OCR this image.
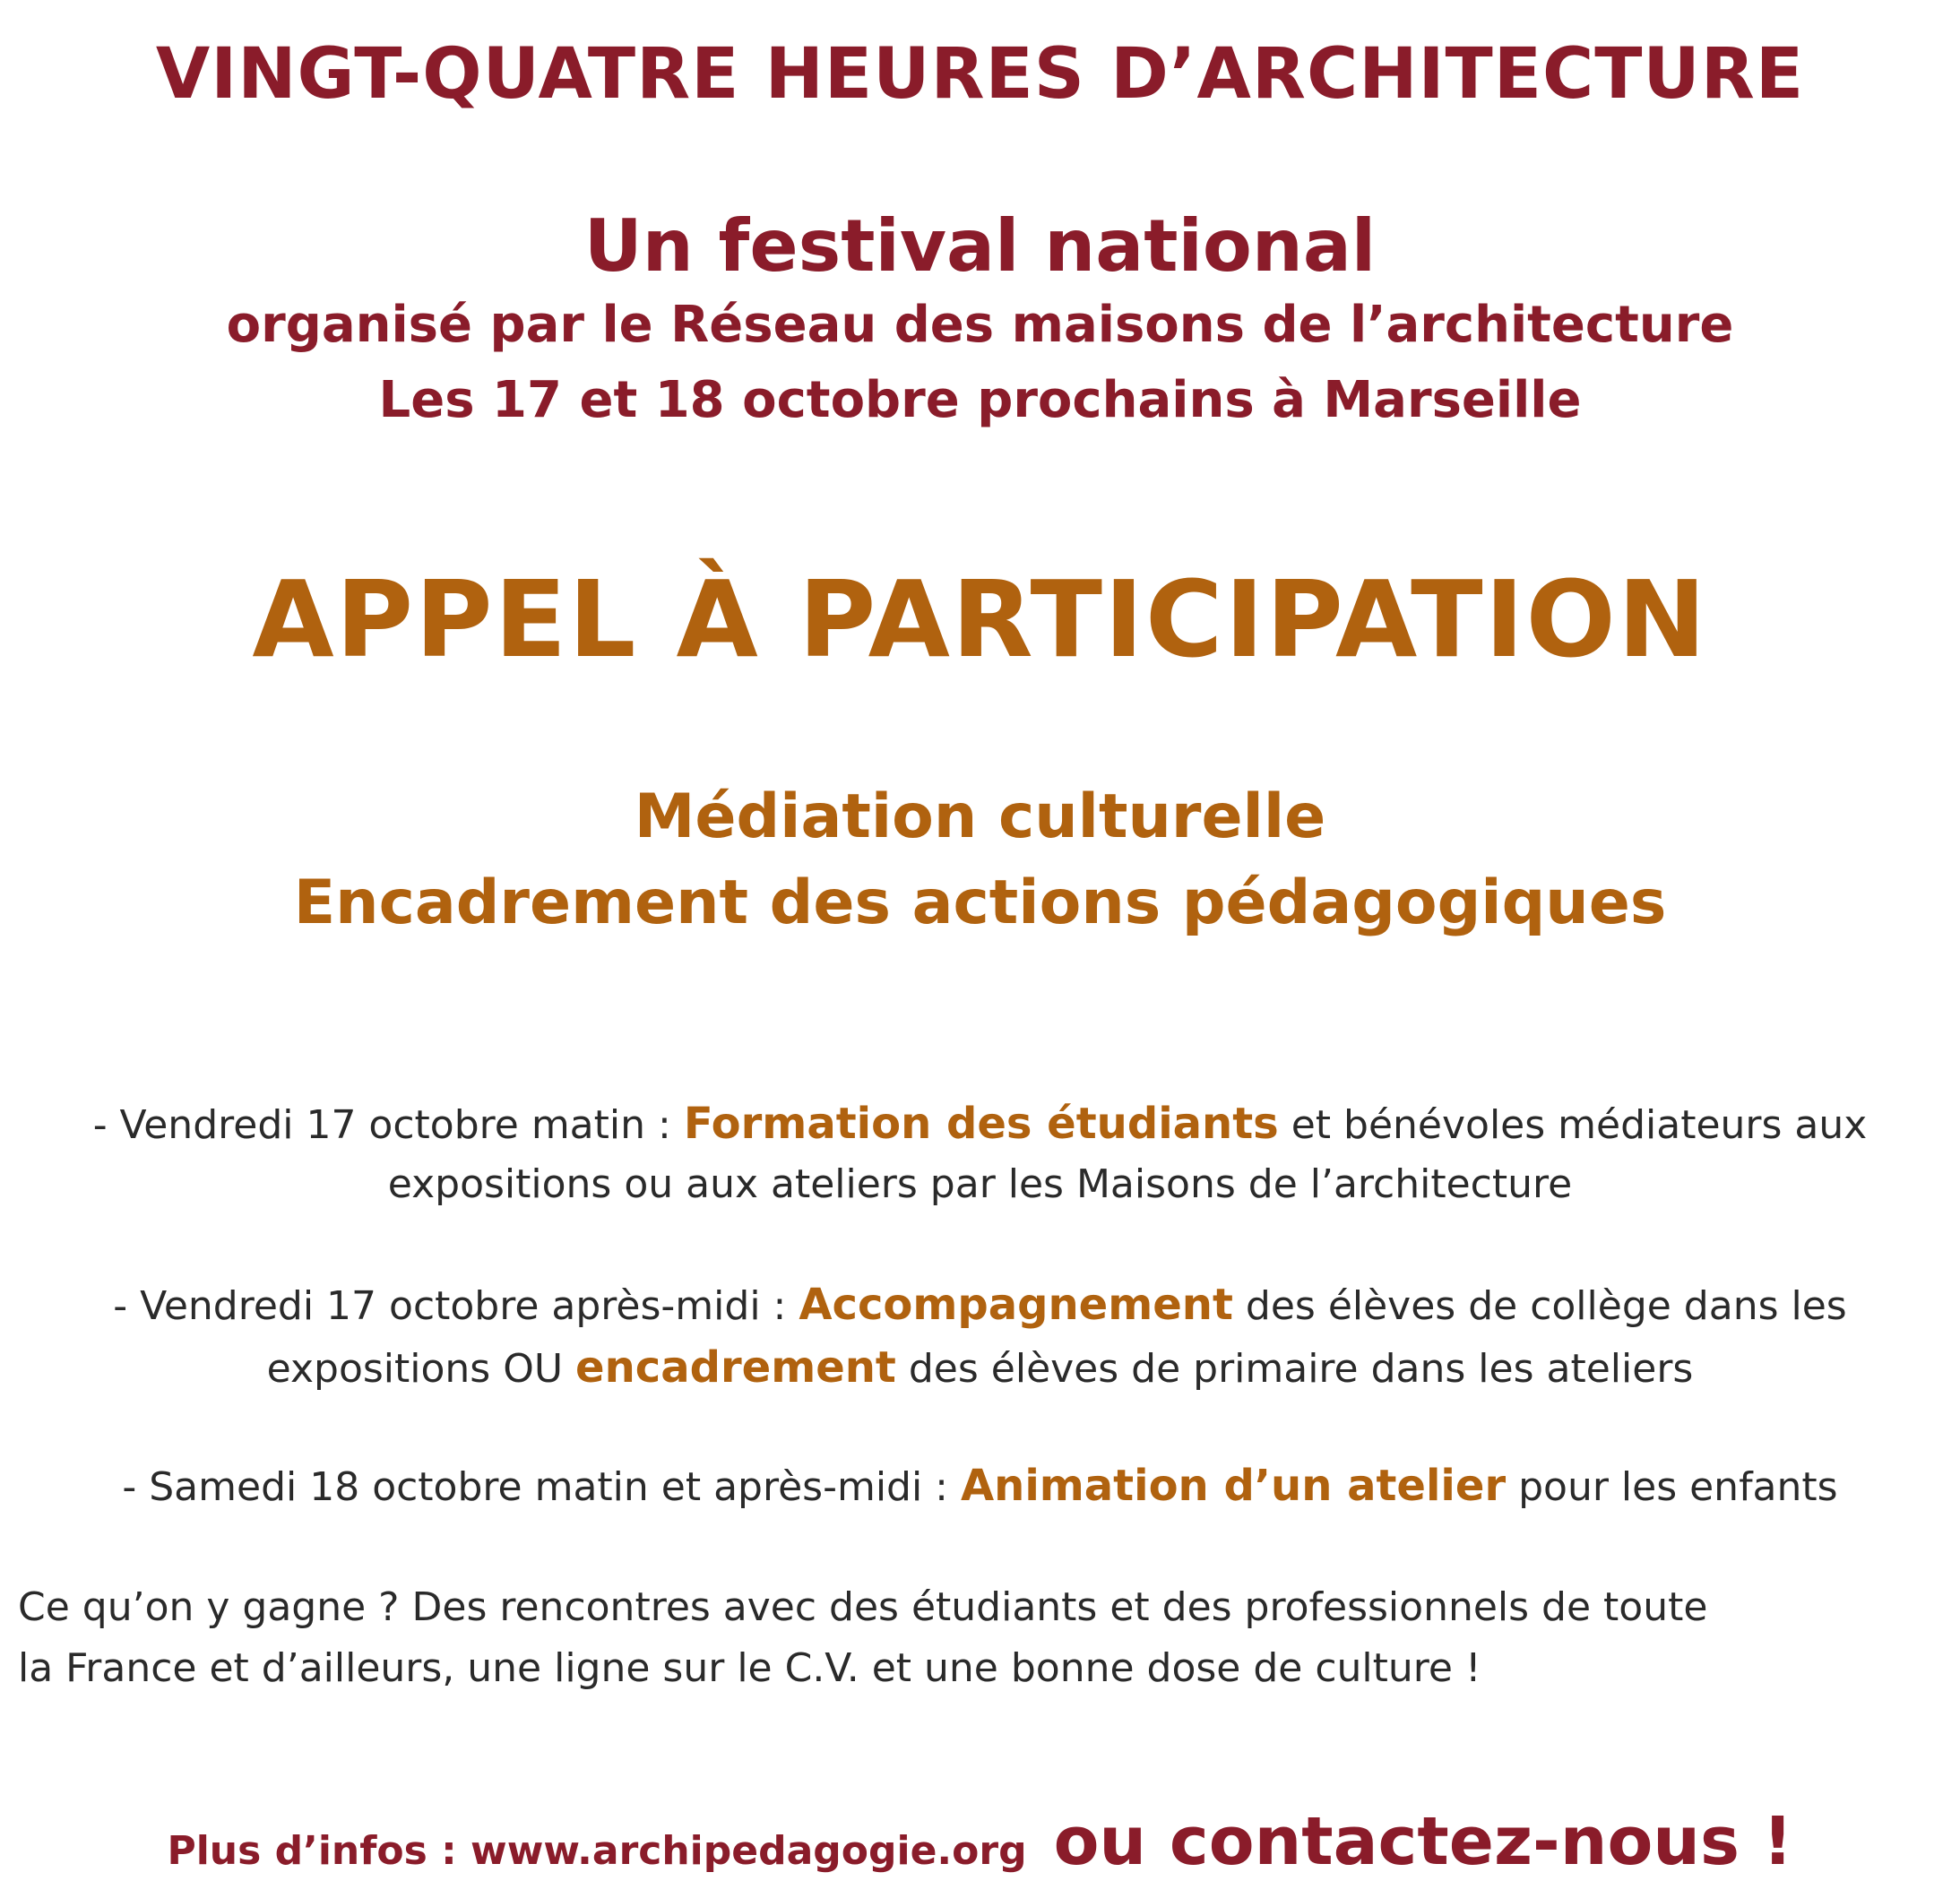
VINGT-QUATRE HEURES D’ARCHITECTURE
Un festival national
organisé par le Réseau des maisons de l’architecture
Les 17 et 18 octobre prochains à Marseille
APPEL À PARTICIPATION
Médiation culturelle
Encadrement des actions pédagogiques
- Vendredi 17 octobre matin : Formation des étudiants et bénévoles médiateurs aux
expositions ou aux ateliers par les Maisons de l’architecture
- Vendredi 17 octobre après-midi : Accompagnement des élèves de collège dans les
expositions OU encadrement des élèves de primaire dans les ateliers
- Samedi 18 octobre matin et après-midi : Animation d’un atelier pour les enfants
Ce qu’on y gagne ? Des rencontres avec des étudiants et des professionnels de toute
la France et d’ailleurs, une ligne sur le C.V. et une bonne dose de culture !
Plus d’infos : www.archipedagogie.org ou contactez-nous !
